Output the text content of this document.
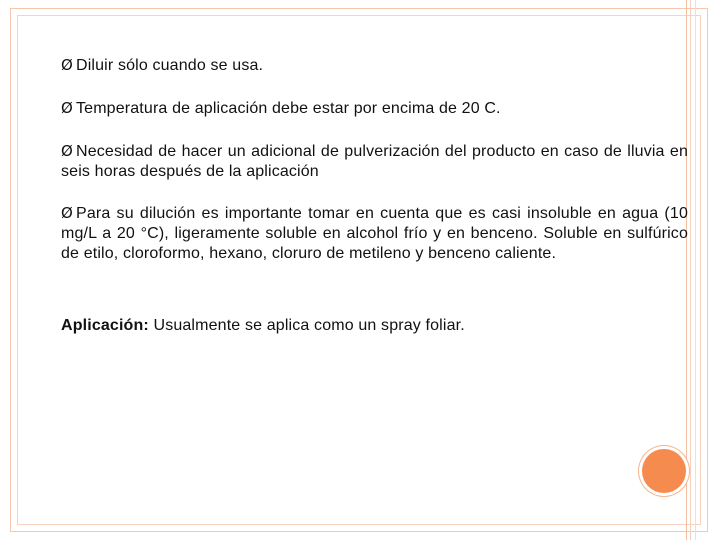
Ø Diluir sólo cuando se usa.

Ø Temperatura de aplicación debe estar por encima de 20 C.

Ø Necesidad de hacer un adicional de pulverización del producto en caso de lluvia en seis horas después de la aplicación

Ø Para su dilución es importante tomar en cuenta que es casi insoluble en agua (10 mg/L a 20 °C), ligeramente soluble en alcohol frío y en benceno. Soluble en sulfúrico de etilo, cloroformo, hexano, cloruro de metileno y benceno caliente.

Aplicación: Usualmente se aplica como un spray foliar.
